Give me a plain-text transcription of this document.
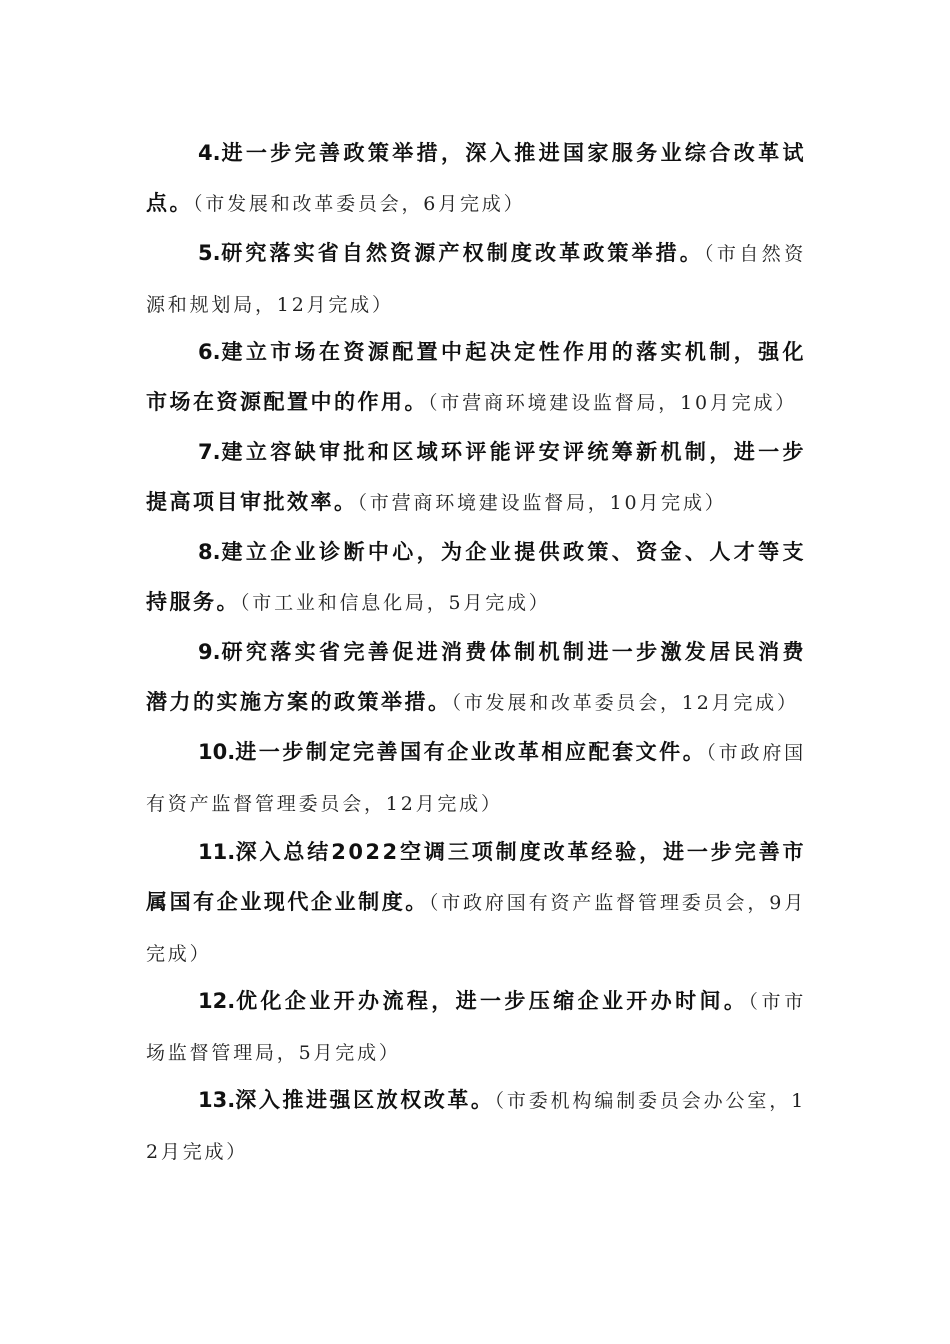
4.进一步完善政策举措，深入推进国家服务业综合改革试点。（市发展和改革委员会，6月完成）

5.研究落实省自然资源产权制度改革政策举措。（市自然资源和规划局，12月完成）

6.建立市场在资源配置中起决定性作用的落实机制，强化市场在资源配置中的作用。（市营商环境建设监督局，10月完成）

7.建立容缺审批和区域环评能评安评统筹新机制，进一步提高项目审批效率。（市营商环境建设监督局，10月完成）

8.建立企业诊断中心，为企业提供政策、资金、人才等支持服务。（市工业和信息化局，5月完成）

9.研究落实省完善促进消费体制机制进一步激发居民消费潜力的实施方案的政策举措。（市发展和改革委员会，12月完成）

10.进一步制定完善国有企业改革相应配套文件。（市政府国有资产监督管理委员会，12月完成）

11.深入总结2022空调三项制度改革经验，进一步完善市属国有企业现代企业制度。（市政府国有资产监督管理委员会，9月完成）

12.优化企业开办流程，进一步压缩企业开办时间。（市市场监督管理局，5月完成）

13.深入推进强区放权改革。（市委机构编制委员会办公室，12月完成）
